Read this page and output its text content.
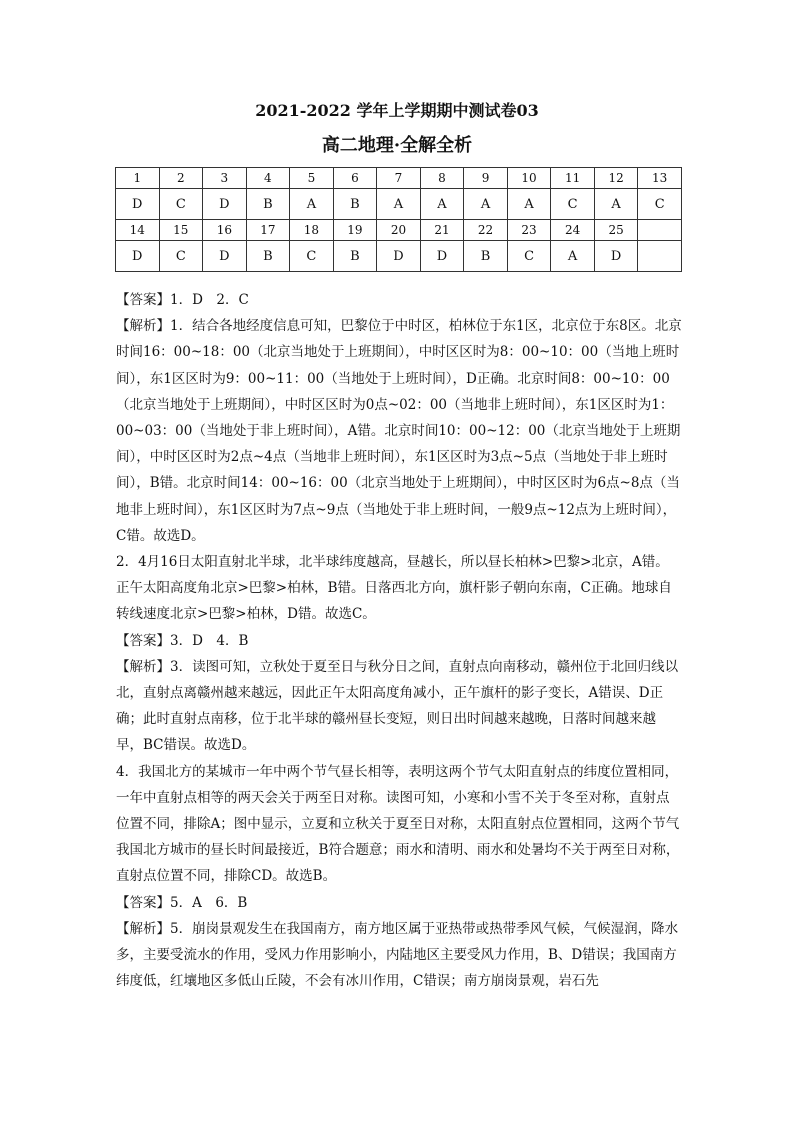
2021-2022 学年上学期期中测试卷03
高二地理·全解全析
1	2	3	4	5	6	7	8	9	10	11	12	13
D	C	D	B	A	B	A	A	A	A	C	A	C
14	15	16	17	18	19	20	21	22	23	24	25	
D	C	D	B	C	B	D	D	B	C	A	D	

【答案】1．D　2．C

【解析】1．结合各地经度信息可知，巴黎位于中时区，柏林位于东1区，北京位于东8区。北京时间16：00~18：00（北京当地处于上班期间），中时区区时为8：00~10：00（当地上班时间），东1区区时为9：00~11：00（当地处于上班时间），D正确。北京时间8：00~10：00（北京当地处于上班期间），中时区区时为0点~02：00（当地非上班时间），东1区区时为1：00~03：00（当地处于非上班时间），A错。北京时间10：00~12：00（北京当地处于上班期间），中时区区时为2点~4点（当地非上班时间），东1区区时为3点~5点（当地处于非上班时间），B错。北京时间14：00~16：00（北京当地处于上班期间），中时区区时为6点~8点（当地非上班时间），东1区区时为7点~9点（当地处于非上班时间，一般9点~12点为上班时间），C错。故选D。

2．4月16日太阳直射北半球，北半球纬度越高，昼越长，所以昼长柏林>巴黎>北京，A错。正午太阳高度角北京>巴黎>柏林，B错。日落西北方向，旗杆影子朝向东南，C正确。地球自转线速度北京>巴黎>柏林，D错。故选C。

【答案】3．D　4．B

【解析】3．读图可知，立秋处于夏至日与秋分日之间，直射点向南移动，赣州位于北回归线以北，直射点离赣州越来越远，因此正午太阳高度角减小，正午旗杆的影子变长，A错误、D正确；此时直射点南移，位于北半球的赣州昼长变短，则日出时间越来越晚，日落时间越来越早，BC错误。故选D。

4．我国北方的某城市一年中两个节气昼长相等，表明这两个节气太阳直射点的纬度位置相同，一年中直射点相等的两天会关于两至日对称。读图可知，小寒和小雪不关于冬至对称，直射点位置不同，排除A；图中显示，立夏和立秋关于夏至日对称，太阳直射点位置相同，这两个节气我国北方城市的昼长时间最接近，B符合题意；雨水和清明、雨水和处暑均不关于两至日对称，直射点位置不同，排除CD。故选B。

【答案】5．A　6．B

【解析】5．崩岗景观发生在我国南方，南方地区属于亚热带或热带季风气候，气候湿润，降水多，主要受流水的作用，受风力作用影响小，内陆地区主要受风力作用，B、D错误；我国南方纬度低，红壤地区多低山丘陵，不会有冰川作用，C错误；南方崩岗景观，岩石先
